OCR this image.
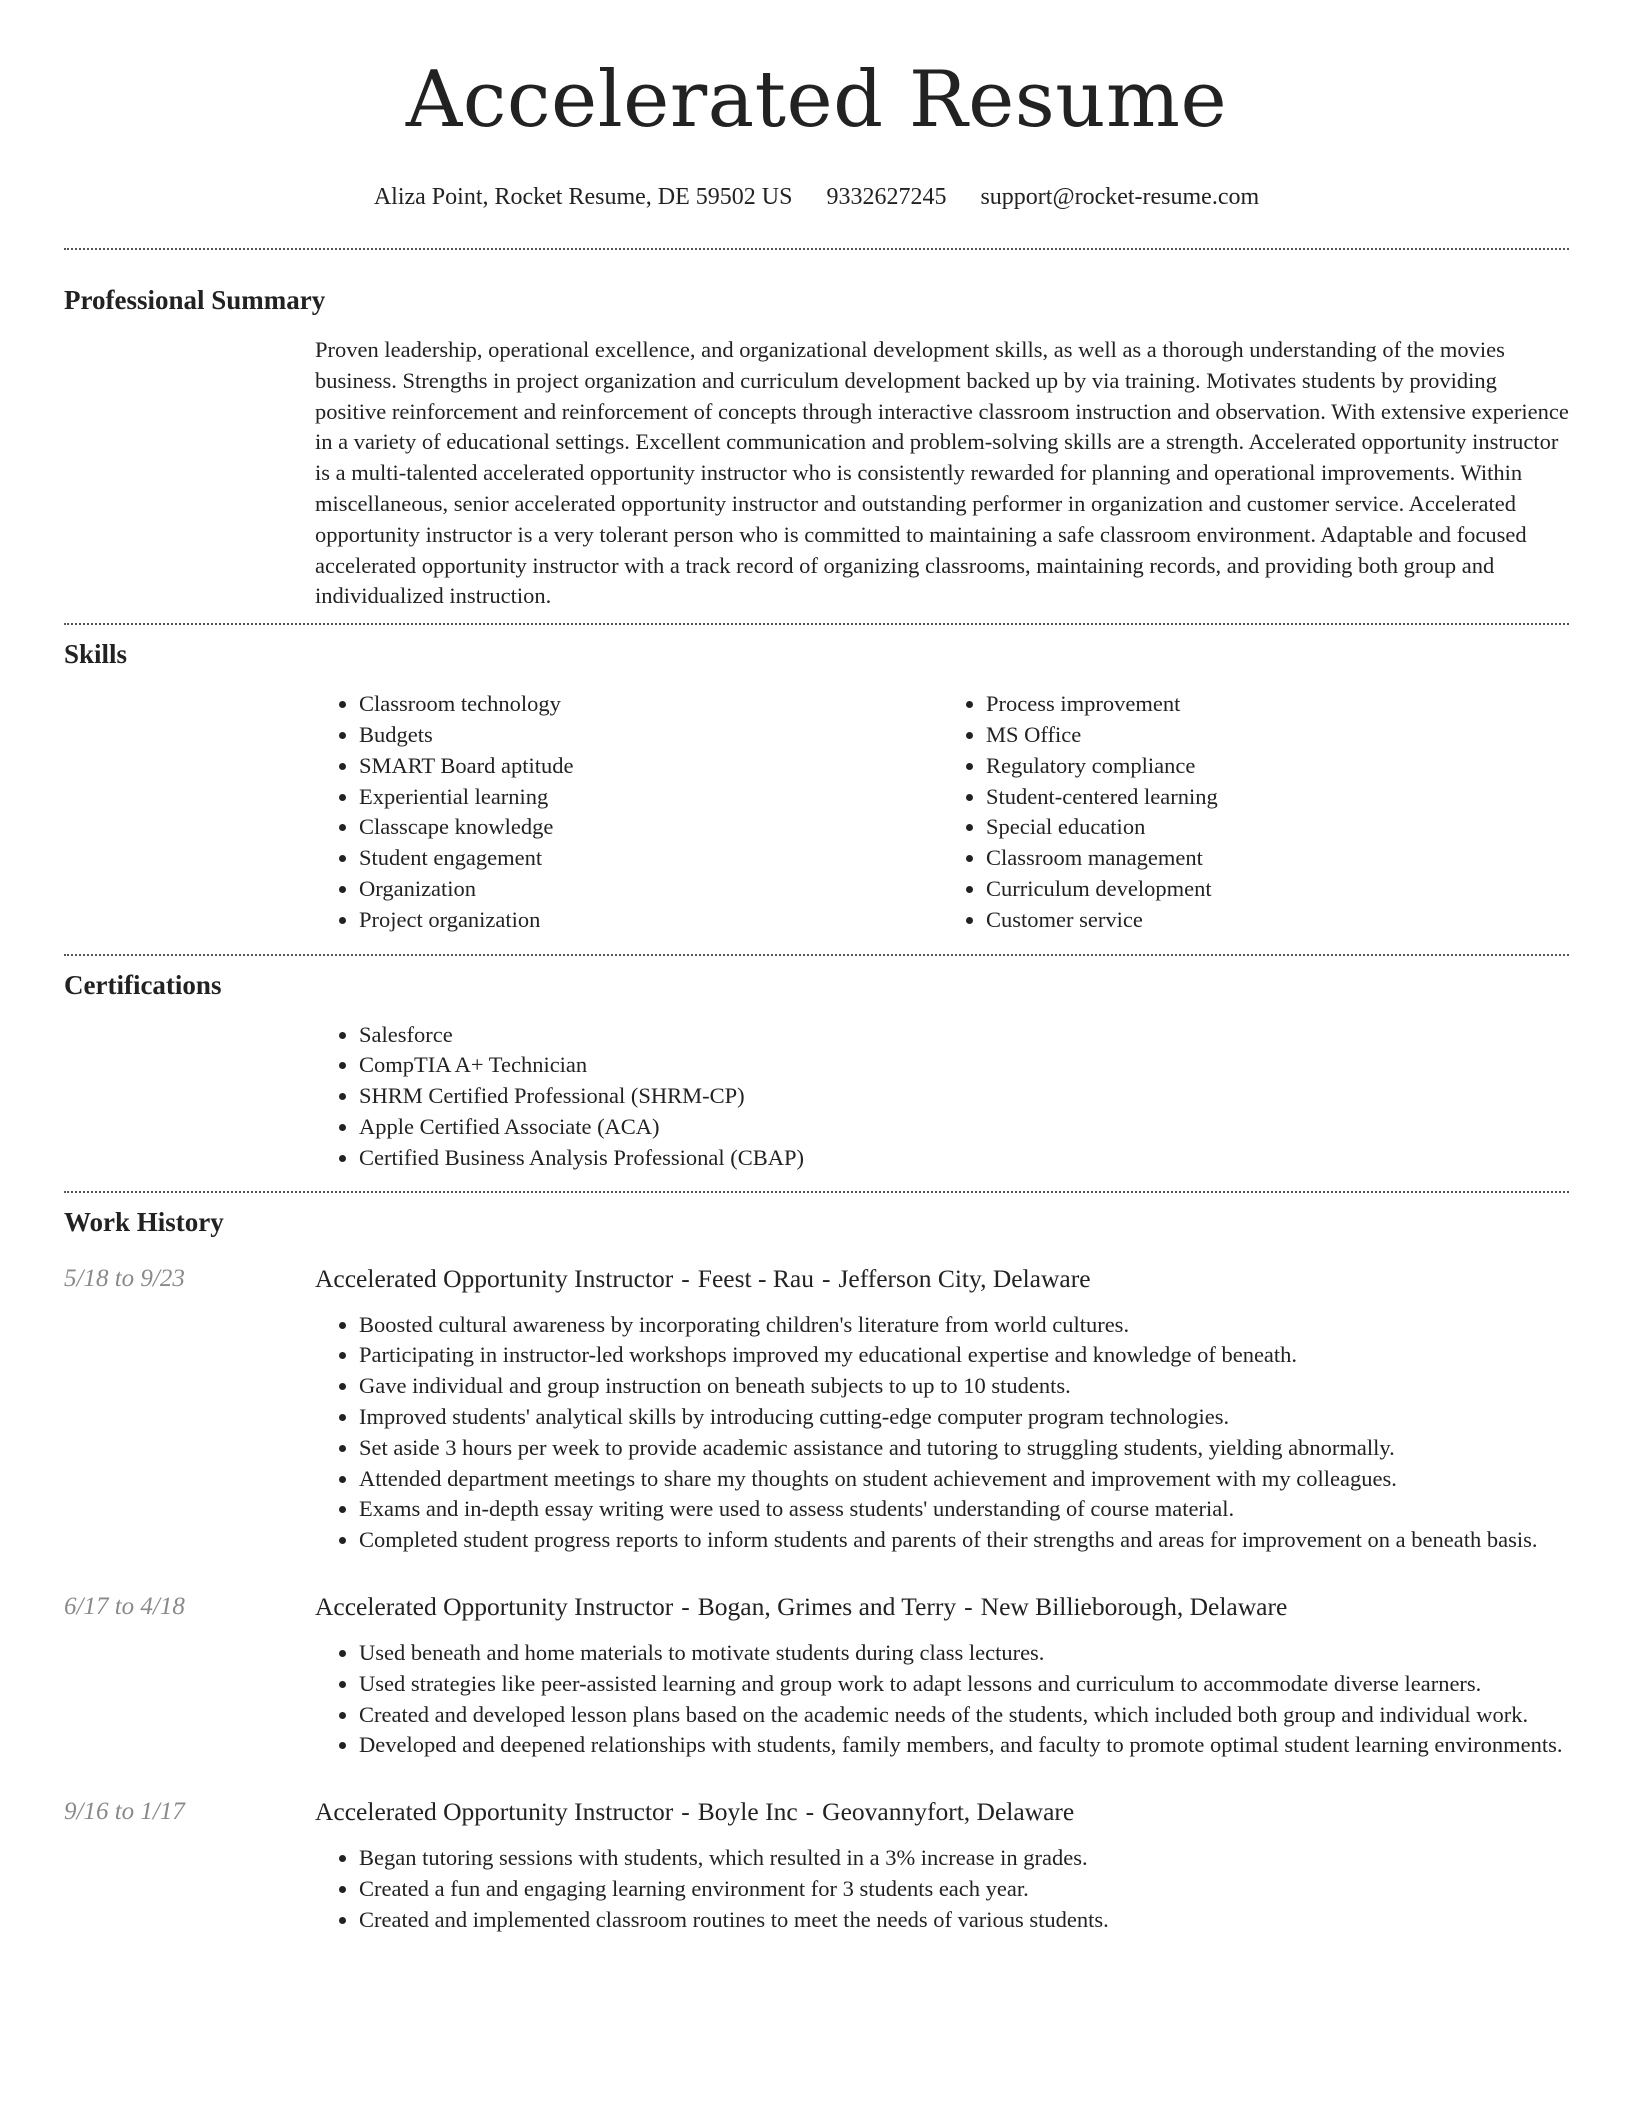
Accelerated Resume
Aliza Point, Rocket Resume, DE 59502 US 9332627245 support@rocket-resume.com
Professional Summary

Proven leadership, operational excellence, and organizational development skills, as well as a thorough understanding of the movies business. Strengths in project organization and curriculum development backed up by via training. Motivates students by providing positive reinforcement and reinforcement of concepts through interactive classroom instruction and observation. With extensive experience in a variety of educational settings. Excellent communication and problem-solving skills are a strength. Accelerated opportunity instructor is a multi-talented accelerated opportunity instructor who is consistently rewarded for planning and operational improvements. Within miscellaneous, senior accelerated opportunity instructor and outstanding performer in organization and customer service. Accelerated opportunity instructor is a very tolerant person who is committed to maintaining a safe classroom environment. Adaptable and focused accelerated opportunity instructor with a track record of organizing classrooms, maintaining records, and providing both group and individualized instruction.

Skills
• Classroom technology
• Budgets
• SMART Board aptitude
• Experiential learning
• Classcape knowledge
• Student engagement
• Organization
• Project organization
• Process improvement
• MS Office
• Regulatory compliance
• Student-centered learning
• Special education
• Classroom management
• Curriculum development
• Customer service
Certifications
• Salesforce
• CompTIA A+ Technician
• SHRM Certified Professional (SHRM-CP)
• Apple Certified Associate (ACA)
• Certified Business Analysis Professional (CBAP)
Work History
5/18 to 9/23	Accelerated Opportunity Instructor - Feest - Rau - Jefferson City, Delaware
• Boosted cultural awareness by incorporating children's literature from world cultures.
• Participating in instructor-led workshops improved my educational expertise and knowledge of beneath.
• Gave individual and group instruction on beneath subjects to up to 10 students.
• Improved students' analytical skills by introducing cutting-edge computer program technologies.
• Set aside 3 hours per week to provide academic assistance and tutoring to struggling students, yielding abnormally.
• Attended department meetings to share my thoughts on student achievement and improvement with my colleagues.
• Exams and in-depth essay writing were used to assess students' understanding of course material.
• Completed student progress reports to inform students and parents of their strengths and areas for improvement on a beneath basis.
6/17 to 4/18	Accelerated Opportunity Instructor - Bogan, Grimes and Terry - New Billieborough, Delaware
• Used beneath and home materials to motivate students during class lectures.
• Used strategies like peer-assisted learning and group work to adapt lessons and curriculum to accommodate diverse learners.
• Created and developed lesson plans based on the academic needs of the students, which included both group and individual work.
• Developed and deepened relationships with students, family members, and faculty to promote optimal student learning environments.
9/16 to 1/17	Accelerated Opportunity Instructor - Boyle Inc - Geovannyfort, Delaware
• Began tutoring sessions with students, which resulted in a 3% increase in grades.
• Created a fun and engaging learning environment for 3 students each year.
• Created and implemented classroom routines to meet the needs of various students.
